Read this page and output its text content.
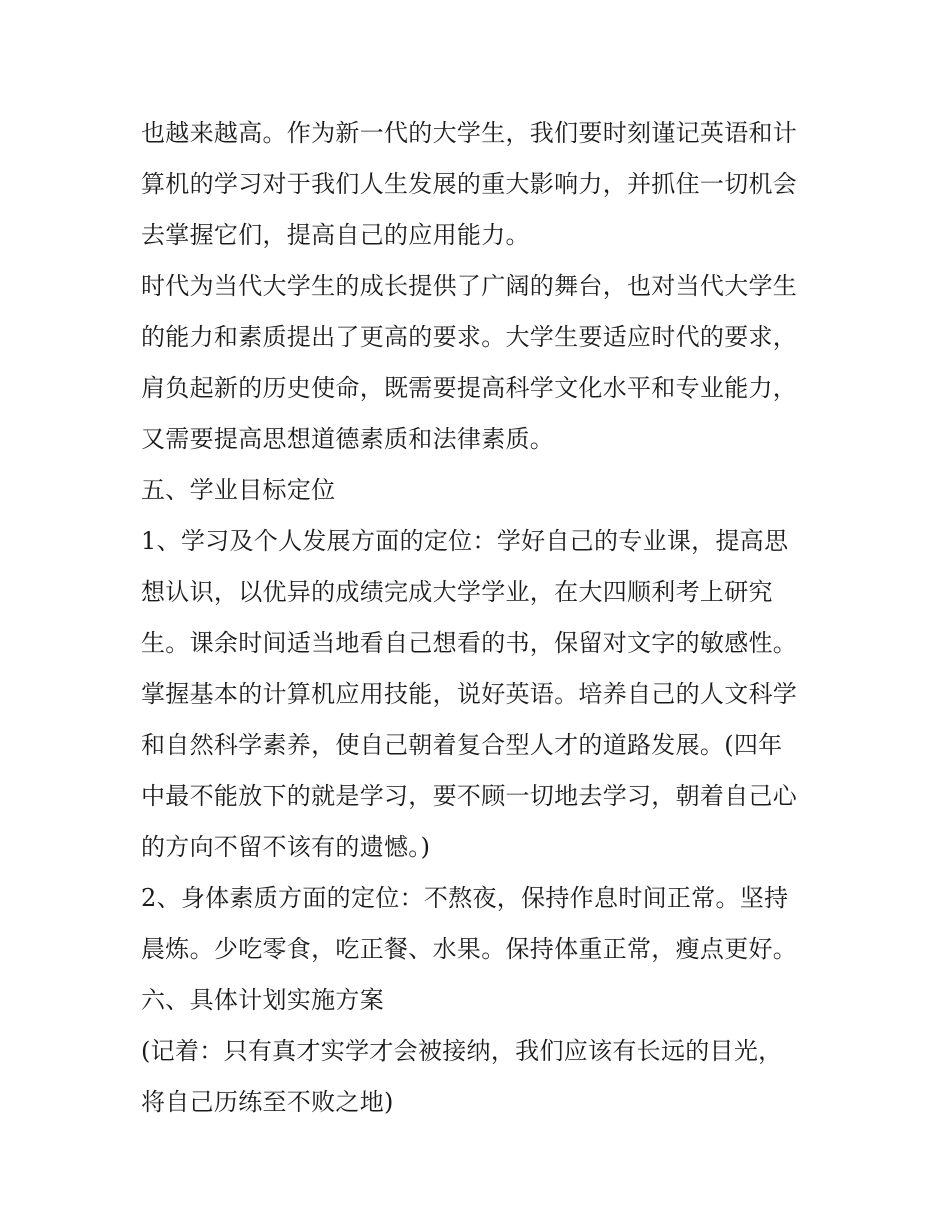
也越来越高。作为新一代的大学生，我们要时刻谨记英语和计
算机的学习对于我们人生发展的重大影响力，并抓住一切机会
去掌握它们，提高自己的应用能力。
时代为当代大学生的成长提供了广阔的舞台，也对当代大学生
的能力和素质提出了更高的要求。大学生要适应时代的要求，
肩负起新的历史使命，既需要提高科学文化水平和专业能力，
又需要提高思想道德素质和法律素质。
五、学业目标定位
1、学习及个人发展方面的定位：学好自己的专业课，提高思
想认识，以优异的成绩完成大学学业，在大四顺利考上研究
生。课余时间适当地看自己想看的书，保留对文字的敏感性。
掌握基本的计算机应用技能，说好英语。培养自己的人文科学
和自然科学素养，使自己朝着复合型人才的道路发展。(四年
中最不能放下的就是学习，要不顾一切地去学习，朝着自己心
的方向不留不该有的遗憾。)
2、身体素质方面的定位：不熬夜，保持作息时间正常。坚持
晨炼。少吃零食，吃正餐、水果。保持体重正常，瘦点更好。
六、具体计划实施方案
(记着：只有真才实学才会被接纳，我们应该有长远的目光，
将自己历练至不败之地)
